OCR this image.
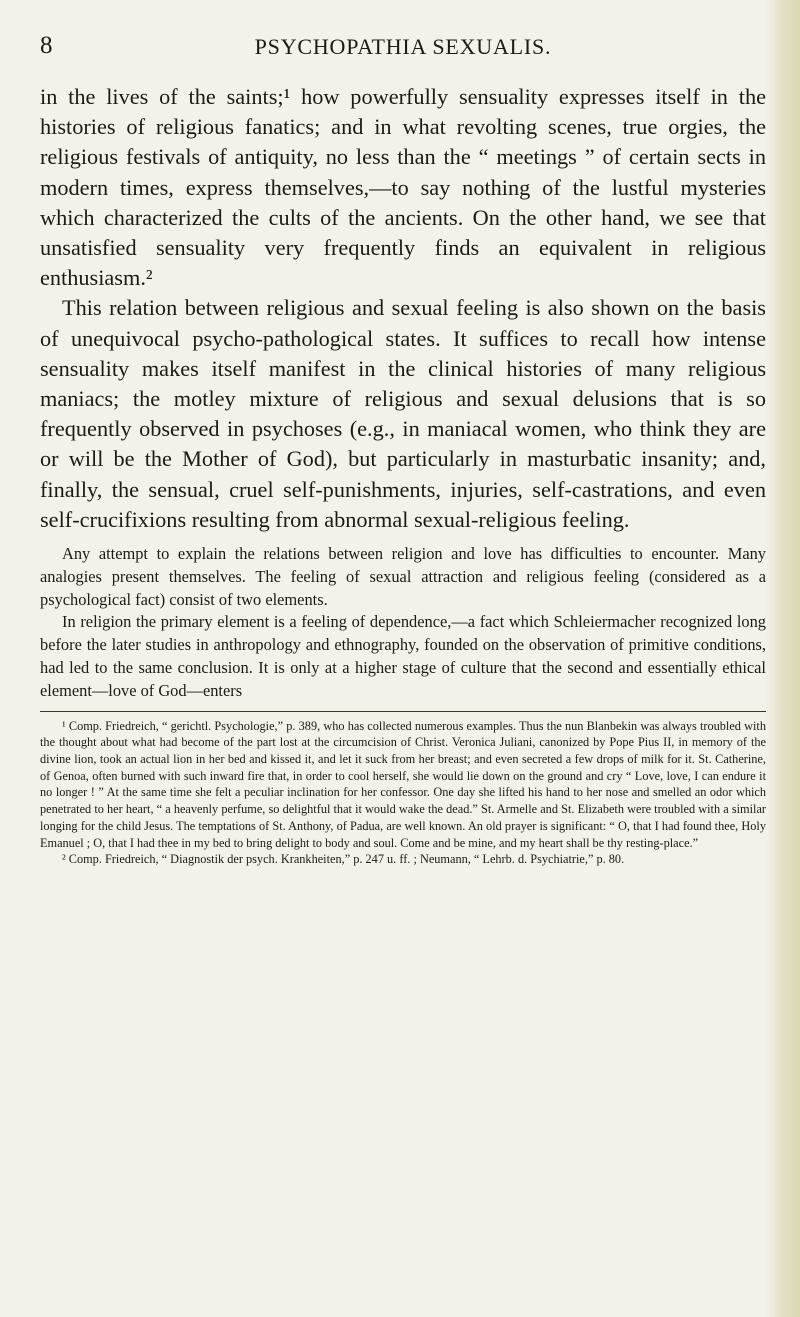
8	PSYCHOPATHIA SEXUALIS.

in the lives of the saints;¹ how powerfully sensuality expresses itself in the histories of religious fanatics; and in what revolting scenes, true orgies, the religious festivals of antiquity, no less than the “ meetings ” of certain sects in modern times, express themselves,—to say nothing of the lustful mysteries which characterized the cults of the ancients. On the other hand, we see that unsatisfied sensuality very frequently finds an equivalent in religious enthusiasm.²

This relation between religious and sexual feeling is also shown on the basis of unequivocal psycho-pathological states. It suffices to recall how intense sensuality makes itself manifest in the clinical histories of many religious maniacs; the motley mixture of religious and sexual delusions that is so frequently observed in psychoses (e.g., in maniacal women, who think they are or will be the Mother of God), but particularly in masturbatic insanity; and, finally, the sensual, cruel self-punishments, injuries, self-castrations, and even self-crucifixions resulting from abnormal sexual-religious feeling.

Any attempt to explain the relations between religion and love has difficulties to encounter. Many analogies present themselves. The feeling of sexual attraction and religious feeling (considered as a psychological fact) consist of two elements.

In religion the primary element is a feeling of dependence,—a fact which Schleiermacher recognized long before the later studies in anthropology and ethnography, founded on the observation of primitive conditions, had led to the same conclusion. It is only at a higher stage of culture that the second and essentially ethical element—love of God—enters

¹ Comp. Friedreich, “ gerichtl. Psychologie,” p. 389, who has collected numerous examples. Thus the nun Blanbekin was always troubled with the thought about what had become of the part lost at the circumcision of Christ. Veronica Juliani, canonized by Pope Pius II, in memory of the divine lion, took an actual lion in her bed and kissed it, and let it suck from her breast; and even secreted a few drops of milk for it. St. Catherine, of Genoa, often burned with such inward fire that, in order to cool herself, she would lie down on the ground and cry “ Love, love, I can endure it no longer ! ” At the same time she felt a peculiar inclination for her confessor. One day she lifted his hand to her nose and smelled an odor which penetrated to her heart, “ a heavenly perfume, so delightful that it would wake the dead.” St. Armelle and St. Elizabeth were troubled with a similar longing for the child Jesus. The temptations of St. Anthony, of Padua, are well known. An old prayer is significant: “ O, that I had found thee, Holy Emanuel ; O, that I had thee in my bed to bring delight to body and soul. Come and be mine, and my heart shall be thy resting-place.”

² Comp. Friedreich, “ Diagnostik der psych. Krankheiten,” p. 247 u. ff. ; Neumann, “ Lehrb. d. Psychiatrie,” p. 80.
